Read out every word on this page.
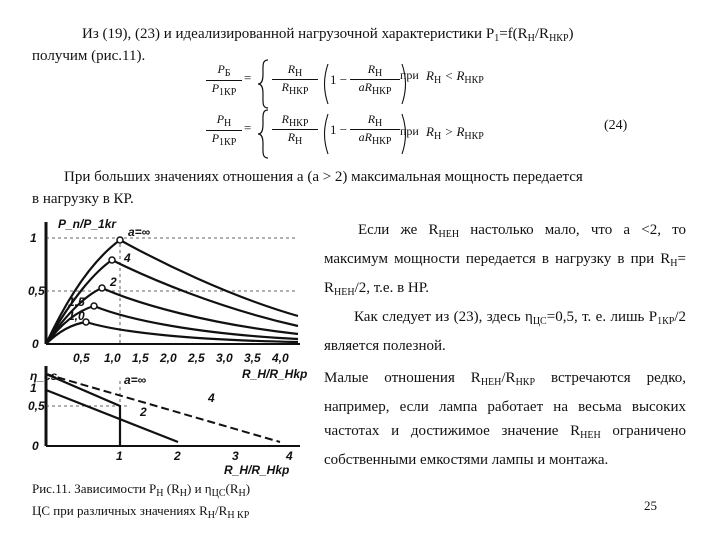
Из (19), (23) и идеализированной нагрузочной характеристики $P_1=f(R_Н/R_{НКР})$
получим (рис.11).
$P_Б$
$P_{1КР}$
=
$R_Н$
$R_{НКР}$
1 −
$R_Н$
$aR_{НКР}$
при $R_Н < R_{НКР}$
$P_Н$
$P_{1КР}$
=
$R_{НКР}$
$R_Н$
1 −
$R_Н$
$aR_{НКР}$
при $R_Н > R_{НКР}$
(24)
При больших значениях отношения a (a > 2) максимальная мощность передается
в нагрузку в КР.
Если же $R_{НЕН}$ настолько мало, что a <2, то максимум мощности передается в нагрузку в при $R_Н= R_{НЕН}/2$, т.е. в НР.
Как следует из (23), здесь $\eta_{ЦС}=0,5$, т. е. лишь $P_{1КР}/2$ является полезной.
Малые отношения $R_{НЕН}/R_{НКР}$ встречаются редко, например, если лампа работает на весьма высоких частотах и достижимое значение $R_{НЕН}$ ограничено собственными емкостями лампы и монтажа.
25
P_n/P_1kr
1
0,5
0
a=∞
4
2
1,5
1,0
0,5 1,0 1,5 2,0 2,5 3,0 3,5 4,0
R_H/R_Hkp
η_cs
1
0,5
0
a=∞
4
2
1	2	3	4
R_H/R_Hkp
Рис.11. Зависимости $P_Н$ $(R_Н)$ и $\eta_{ЦС}(R_Н)$
ЦС при различных значениях $R_Н/R_{Н КР}$
